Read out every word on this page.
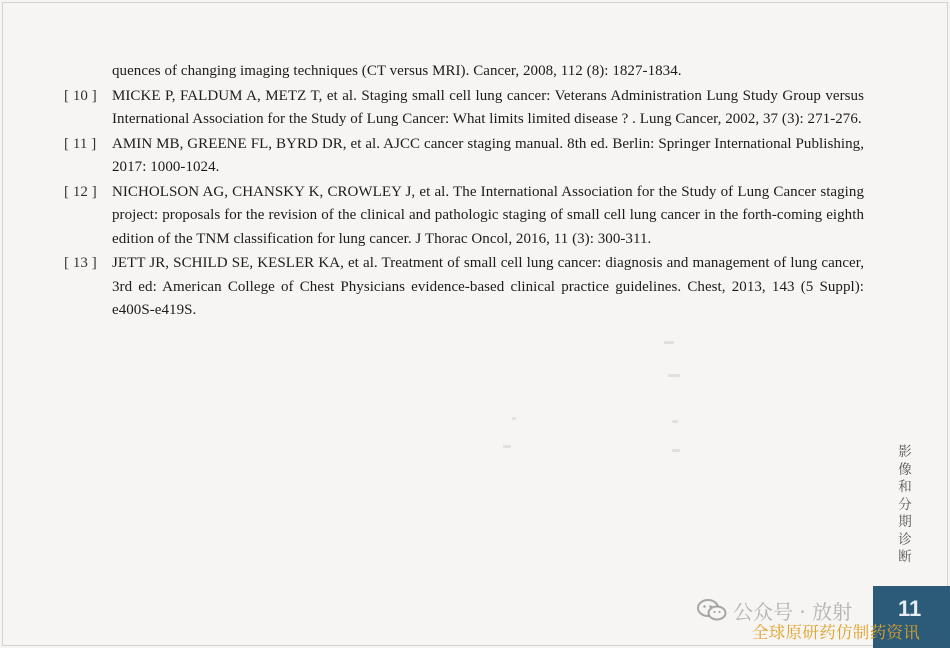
quences of changing imaging techniques (CT versus MRI). Cancer, 2008, 112 (8): 1827-1834.
[ 10 ]	MICKE P, FALDUM A, METZ T, et al. Staging small cell lung cancer: Veterans Administration Lung Study Group versus International Association for the Study of Lung Cancer: What limits limited disease ? . Lung Cancer, 2002, 37 (3): 271-276.
[ 11 ]	AMIN MB, GREENE FL, BYRD DR, et al. AJCC cancer staging manual. 8th ed. Berlin: Springer International Publishing, 2017: 1000-1024.
[ 12 ]	NICHOLSON AG, CHANSKY K, CROWLEY J, et al. The International Association for the Study of Lung Cancer staging project: proposals for the revision of the clinical and pathologic staging of small cell lung cancer in the forth-coming eighth edition of the TNM classification for lung cancer. J Thorac Oncol, 2016, 11 (3): 300-311.
[ 13 ]	JETT JR, SCHILD SE, KESLER KA, et al. Treatment of small cell lung cancer: diagnosis and management of lung cancer, 3rd ed: American College of Chest Physicians evidence-based clinical practice guidelines. Chest, 2013, 143 (5 Suppl): e400S-e419S.
影像和分期诊断
11
公众号 · 放射
全球原研药仿制药资讯
